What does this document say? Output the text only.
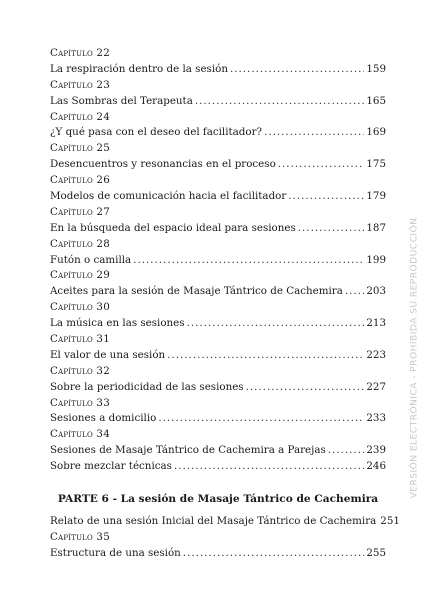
Capítulo 22
La respiración dentro de la sesión .....	159
Capítulo 23
Las Sombras del Terapeuta .....	165
Capítulo 24
¿Y qué pasa con el deseo del facilitador? .....	169
Capítulo 25
Desencuentros y resonancias en el proceso .....	175
Capítulo 26
Modelos de comunicación hacia el facilitador .....	179
Capítulo 27
En la búsqueda del espacio ideal para sesiones .....	187
Capítulo 28
Futón o camilla .....	199
Capítulo 29
Aceites para la sesión de Masaje Tántrico de Cachemira ..... 203
Capítulo 30
La música en las sesiones .....	213
Capítulo 31
El valor de una sesión .....	223
Capítulo 32
Sobre la periodicidad de las sesiones .....	227
Capítulo 33
Sesiones a domicilio .....	233
Capítulo 34
Sesiones de Masaje Tántrico de Cachemira a Parejas .....	239
Sobre mezclar técnicas .....	246
PARTE 6 - La sesión de Masaje Tántrico de Cachemira
Relato de una sesión Inicial del Masaje Tántrico de Cachemira 251
Capítulo 35
Estructura de una sesión .....	255
VERSIÓN ELECTRÓNICA - PROHIBIDA SU REPRODUCCIÓN
